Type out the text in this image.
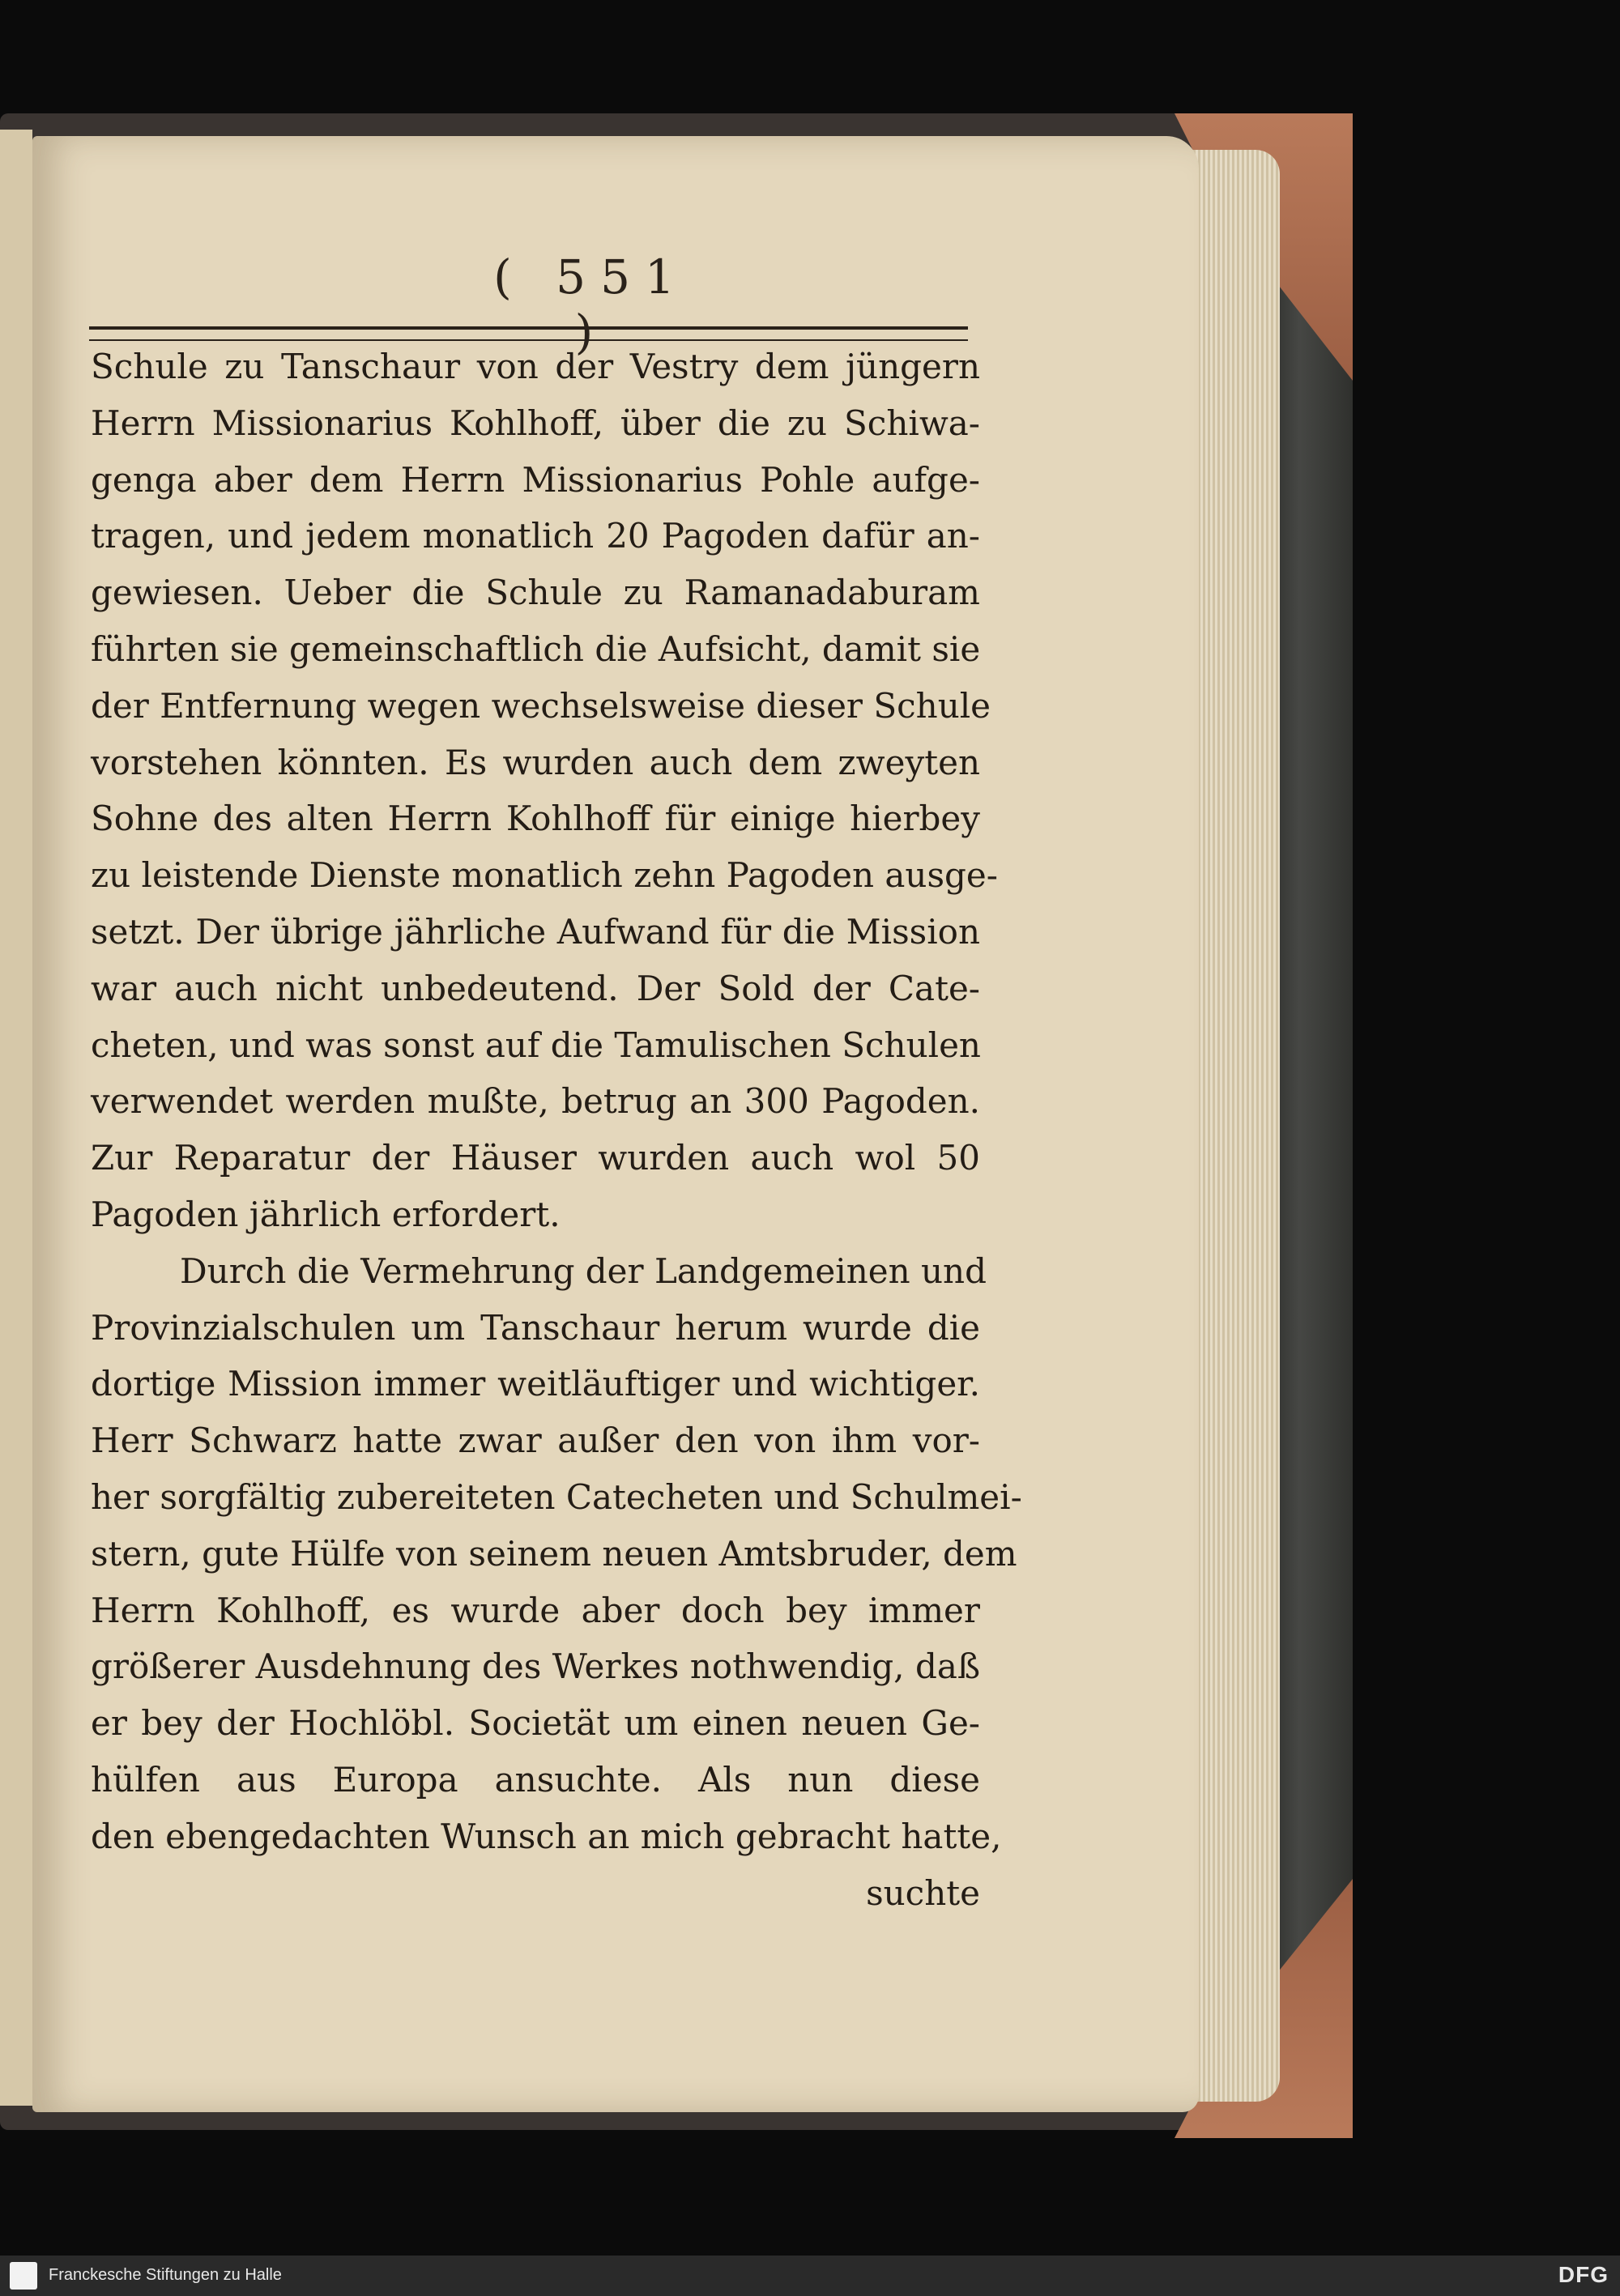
( 551 )
Schule zu Tanschaur von der Vestry dem jüngern
Herrn Missionarius Kohlhoff, über die zu Schiwa-
genga aber dem Herrn Missionarius Pohle aufge-
tragen, und jedem monatlich 20 Pagoden dafür an-
gewiesen. Ueber die Schule zu Ramanadaburam
führten sie gemeinschaftlich die Aufsicht, damit sie
der Entfernung wegen wechselsweise dieser Schule
vorstehen könnten. Es wurden auch dem zweyten
Sohne des alten Herrn Kohlhoff für einige hierbey
zu leistende Dienste monatlich zehn Pagoden ausge-
setzt. Der übrige jährliche Aufwand für die Mission
war auch nicht unbedeutend. Der Sold der Cate-
cheten, und was sonst auf die Tamulischen Schulen
verwendet werden mußte, betrug an 300 Pagoden.
Zur Reparatur der Häuser wurden auch wol 50
Pagoden jährlich erfordert.
Durch die Vermehrung der Landgemeinen und
Provinzialschulen um Tanschaur herum wurde die
dortige Mission immer weitläuftiger und wichtiger.
Herr Schwarz hatte zwar außer den von ihm vor-
her sorgfältig zubereiteten Catecheten und Schulmei-
stern, gute Hülfe von seinem neuen Amtsbruder, dem
Herrn Kohlhoff, es wurde aber doch bey immer
größerer Ausdehnung des Werkes nothwendig, daß
er bey der Hochlöbl. Societät um einen neuen Ge-
hülfen aus Europa ansuchte. Als nun diese
den ebengedachten Wunsch an mich gebracht hatte,
suchte
Franckesche Stiftungen zu Halle	DFG
